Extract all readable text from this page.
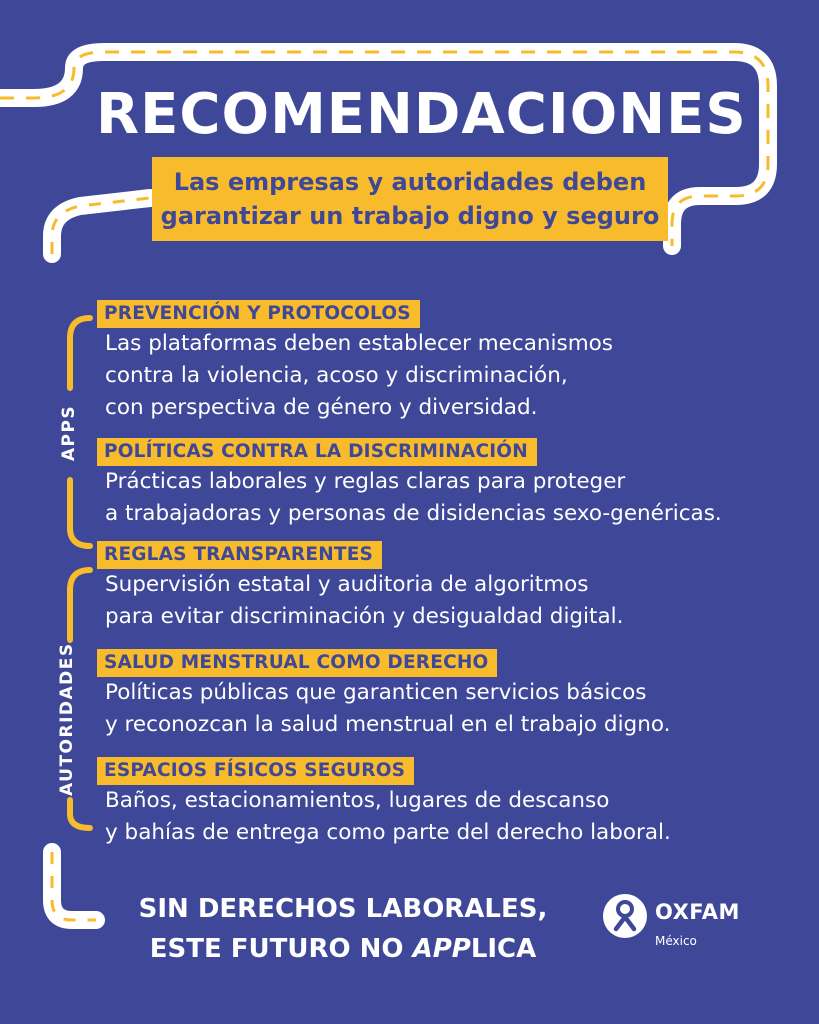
RECOMENDACIONES
Las empresas y autoridades deben
garantizar un trabajo digno y seguro
APPS
AUTORIDADES
PREVENCIÓN Y PROTOCOLOS
Las plataformas deben establecer mecanismos
contra la violencia, acoso y discriminación,
con perspectiva de género y diversidad.
POLÍTICAS CONTRA LA DISCRIMINACIÓN
Prácticas laborales y reglas claras para proteger
a trabajadoras y personas de disidencias sexo-genéricas.
REGLAS TRANSPARENTES
Supervisión estatal y auditoria de algoritmos
para evitar discriminación y desigualdad digital.
SALUD MENSTRUAL COMO DERECHO
Políticas públicas que garanticen servicios básicos
y reconozcan la salud menstrual en el trabajo digno.
ESPACIOS FÍSICOS SEGUROS
Baños, estacionamientos, lugares de descanso
y bahías de entrega como parte del derecho laboral.
SIN DERECHOS LABORALES,
ESTE FUTURO NO APPLICA
OXFAM
México
